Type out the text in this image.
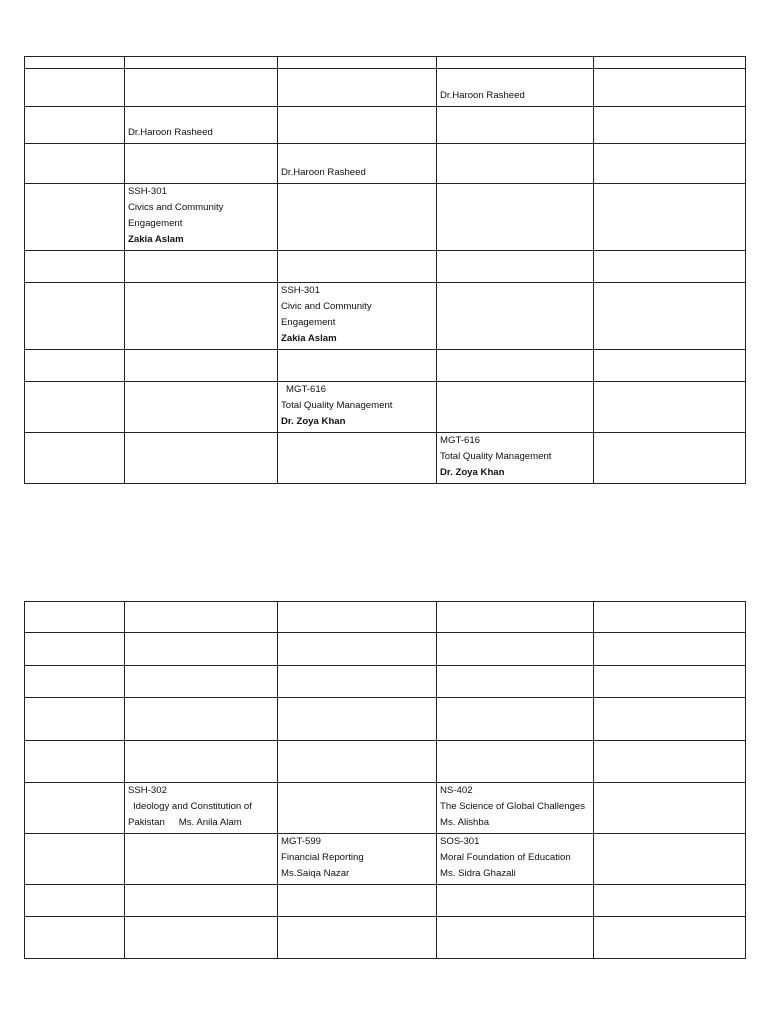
			Dr.Haroon Rasheed	

	Dr.Haroon Rasheed			

		Dr.Haroon Rasheed		

	SSH-301
Civics and Community
Engagement
Zakia Aslam			

		SSH-301
Civic and Community
Engagement
Zakia Aslam		

		MGT-616
Total Quality Management
Dr. Zoya Khan		

			MGT-616
Total Quality Management
Dr. Zoya Khan	

	SSH-302
Ideology and Constitution of
Pakistan Ms. Anila Alam		NS-402
The Science of Global Challenges
Ms. Alishba	

		MGT-599
Financial Reporting
Ms.Saiqa Nazar	SOS-301
Moral Foundation of Education
Ms. Sidra Ghazali	
